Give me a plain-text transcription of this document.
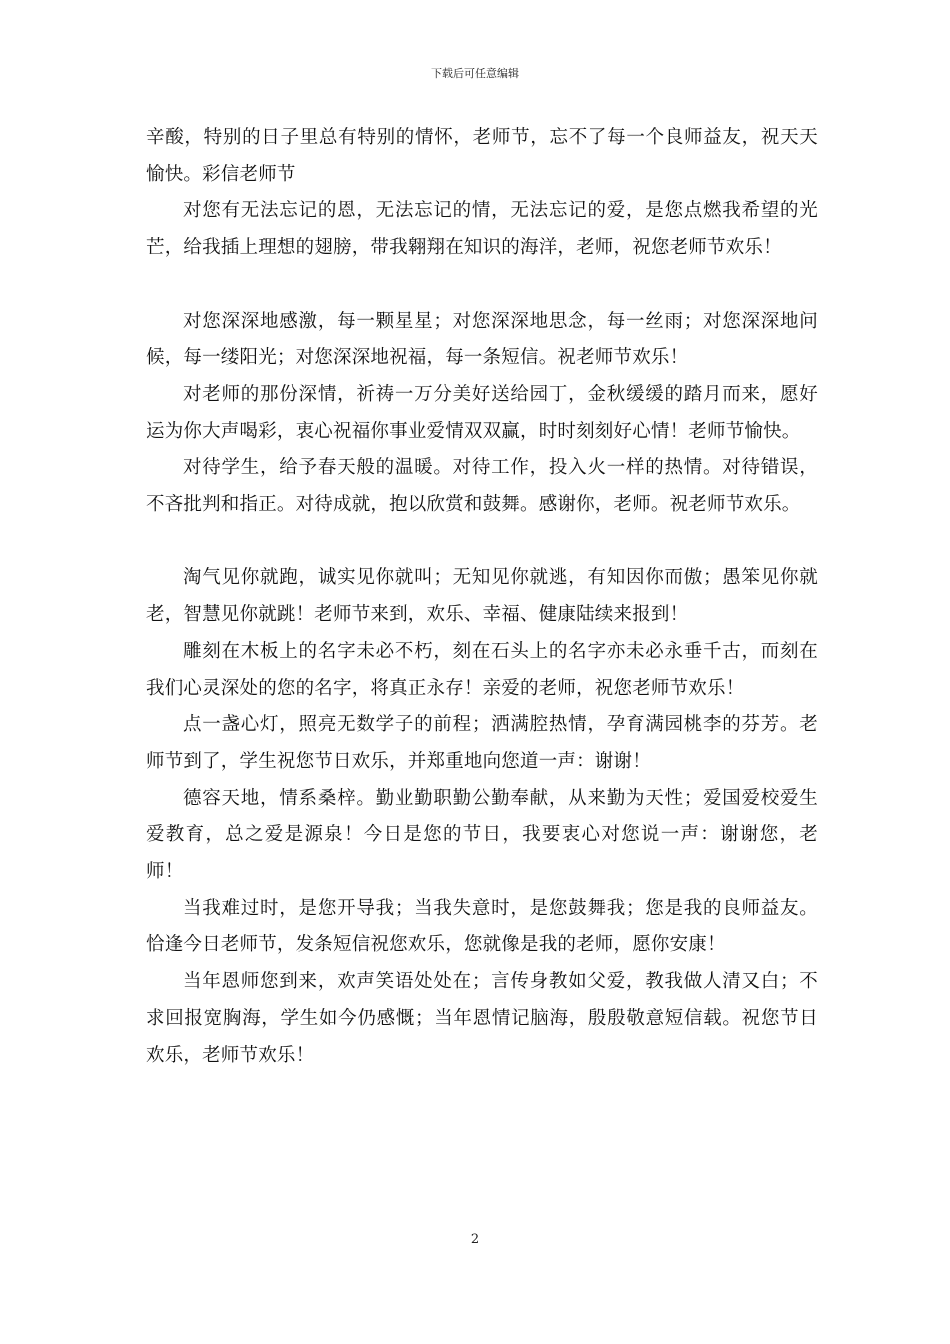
下载后可任意编辑

辛酸，特别的日子里总有特别的情怀，老师节，忘不了每一个良师益友，祝天天愉快。彩信老师节

对您有无法忘记的恩，无法忘记的情，无法忘记的爱，是您点燃我希望的光芒，给我插上理想的翅膀，带我翱翔在知识的海洋，老师，祝您老师节欢乐！

对您深深地感激，每一颗星星；对您深深地思念，每一丝雨；对您深深地问候，每一缕阳光；对您深深地祝福，每一条短信。祝老师节欢乐！

对老师的那份深情，祈祷一万分美好送给园丁，金秋缓缓的踏月而来，愿好运为你大声喝彩，衷心祝福你事业爱情双双赢，时时刻刻好心情！老师节愉快。

对待学生，给予春天般的温暖。对待工作，投入火一样的热情。对待错误，不吝批判和指正。对待成就，抱以欣赏和鼓舞。感谢你，老师。祝老师节欢乐。

淘气见你就跑，诚实见你就叫；无知见你就逃，有知因你而傲；愚笨见你就老，智慧见你就跳！老师节来到，欢乐、幸福、健康陆续来报到！

雕刻在木板上的名字未必不朽，刻在石头上的名字亦未必永垂千古，而刻在我们心灵深处的您的名字，将真正永存！亲爱的老师，祝您老师节欢乐！

点一盏心灯，照亮无数学子的前程；洒满腔热情，孕育满园桃李的芬芳。老师节到了，学生祝您节日欢乐，并郑重地向您道一声：谢谢！

德容天地，情系桑梓。勤业勤职勤公勤奉献，从来勤为天性；爱国爱校爱生爱教育，总之爱是源泉！今日是您的节日，我要衷心对您说一声：谢谢您，老师！

当我难过时，是您开导我；当我失意时，是您鼓舞我；您是我的良师益友。恰逢今日老师节，发条短信祝您欢乐，您就像是我的老师，愿你安康！

当年恩师您到来，欢声笑语处处在；言传身教如父爱，教我做人清又白；不求回报宽胸海，学生如今仍感慨；当年恩情记脑海，殷殷敬意短信载。祝您节日欢乐，老师节欢乐！

2
